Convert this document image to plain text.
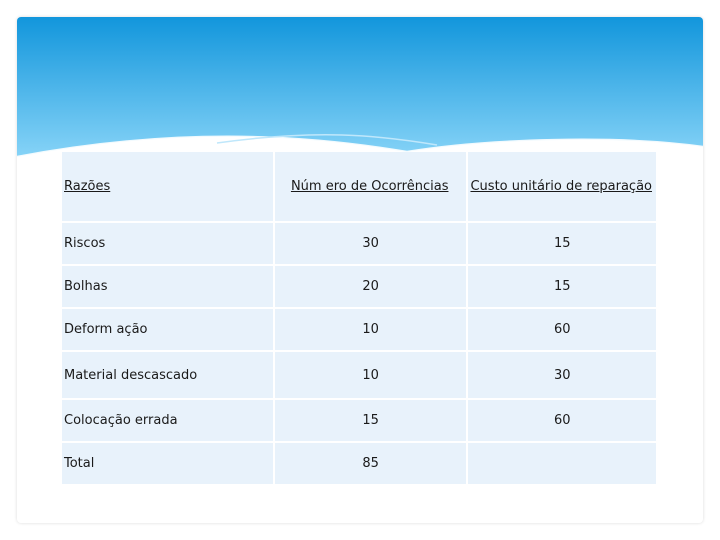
Razões	Núm ero de Ocorrências	Custo unitário de reparação
Riscos	30	15
Bolhas	20	15
Deform ação	10	60
Material descascado	10	30
Colocação errada	15	60
Total	85	
